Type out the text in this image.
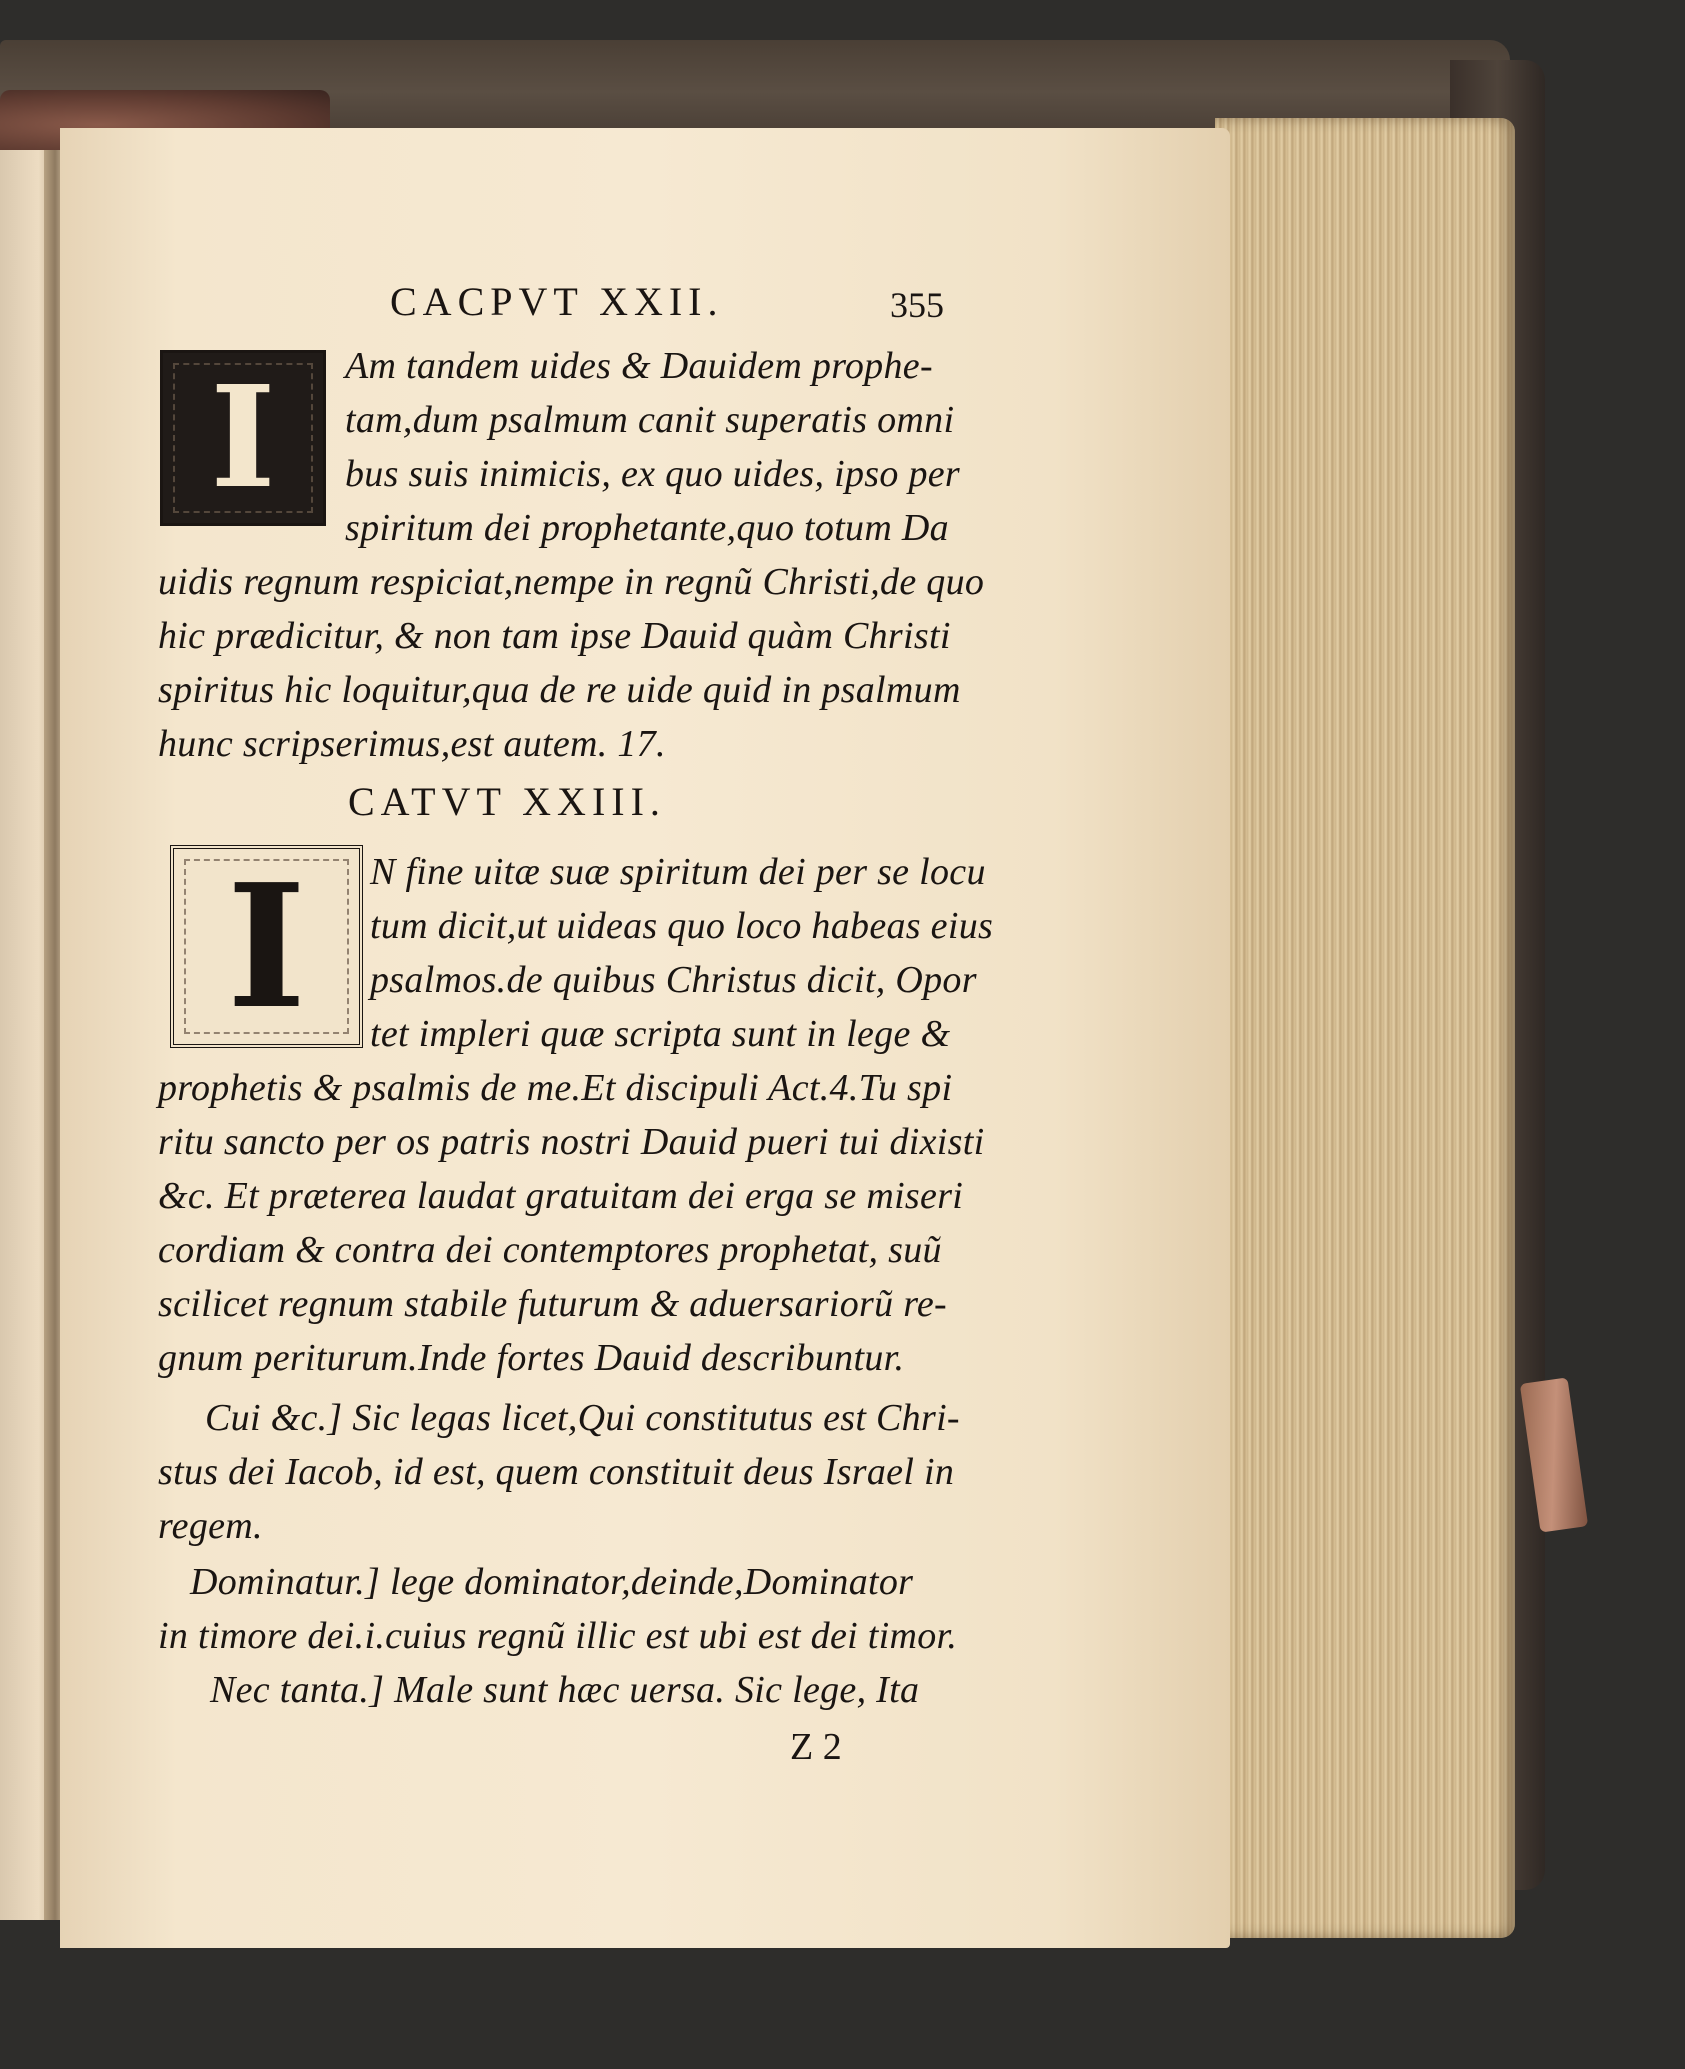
CACPVT XXII.	355
I Am tandem uides & Dauidem prophe-
tam,dum psalmum canit superatis omni
bus suis inimicis, ex quo uides, ipso per
spiritum dei prophetante,quo totum Da
uidis regnum respiciat,nempe in regnũ Christi,de quo
hic prædicitur, & non tam ipse Dauid quàm Christi
spiritus hic loquitur,qua de re uide quid in psalmum
hunc scripserimus,est autem. 17.
CATVT XXIII.
I N fine uitæ suæ spiritum dei per se locu
tum dicit,ut uideas quo loco habeas eius
psalmos.de quibus Christus dicit, Opor
tet impleri quæ scripta sunt in lege &
prophetis & psalmis de me.Et discipuli Act.4.Tu spi
ritu sancto per os patris nostri Dauid pueri tui dixisti
&c. Et præterea laudat gratuitam dei erga se miseri
cordiam & contra dei contemptores prophetat, suũ
scilicet regnum stabile futurum & aduersariorũ re-
gnum periturum.Inde fortes Dauid describuntur.
Cui &c.] Sic legas licet,Qui constitutus est Chri-
stus dei Iacob, id est, quem constituit deus Israel in
regem.
Dominatur.] lege dominator,deinde,Dominator
in timore dei.i.cuius regnũ illic est ubi est dei timor.
Nec tanta.] Male sunt hæc uersa. Sic lege, Ita
Z 2
